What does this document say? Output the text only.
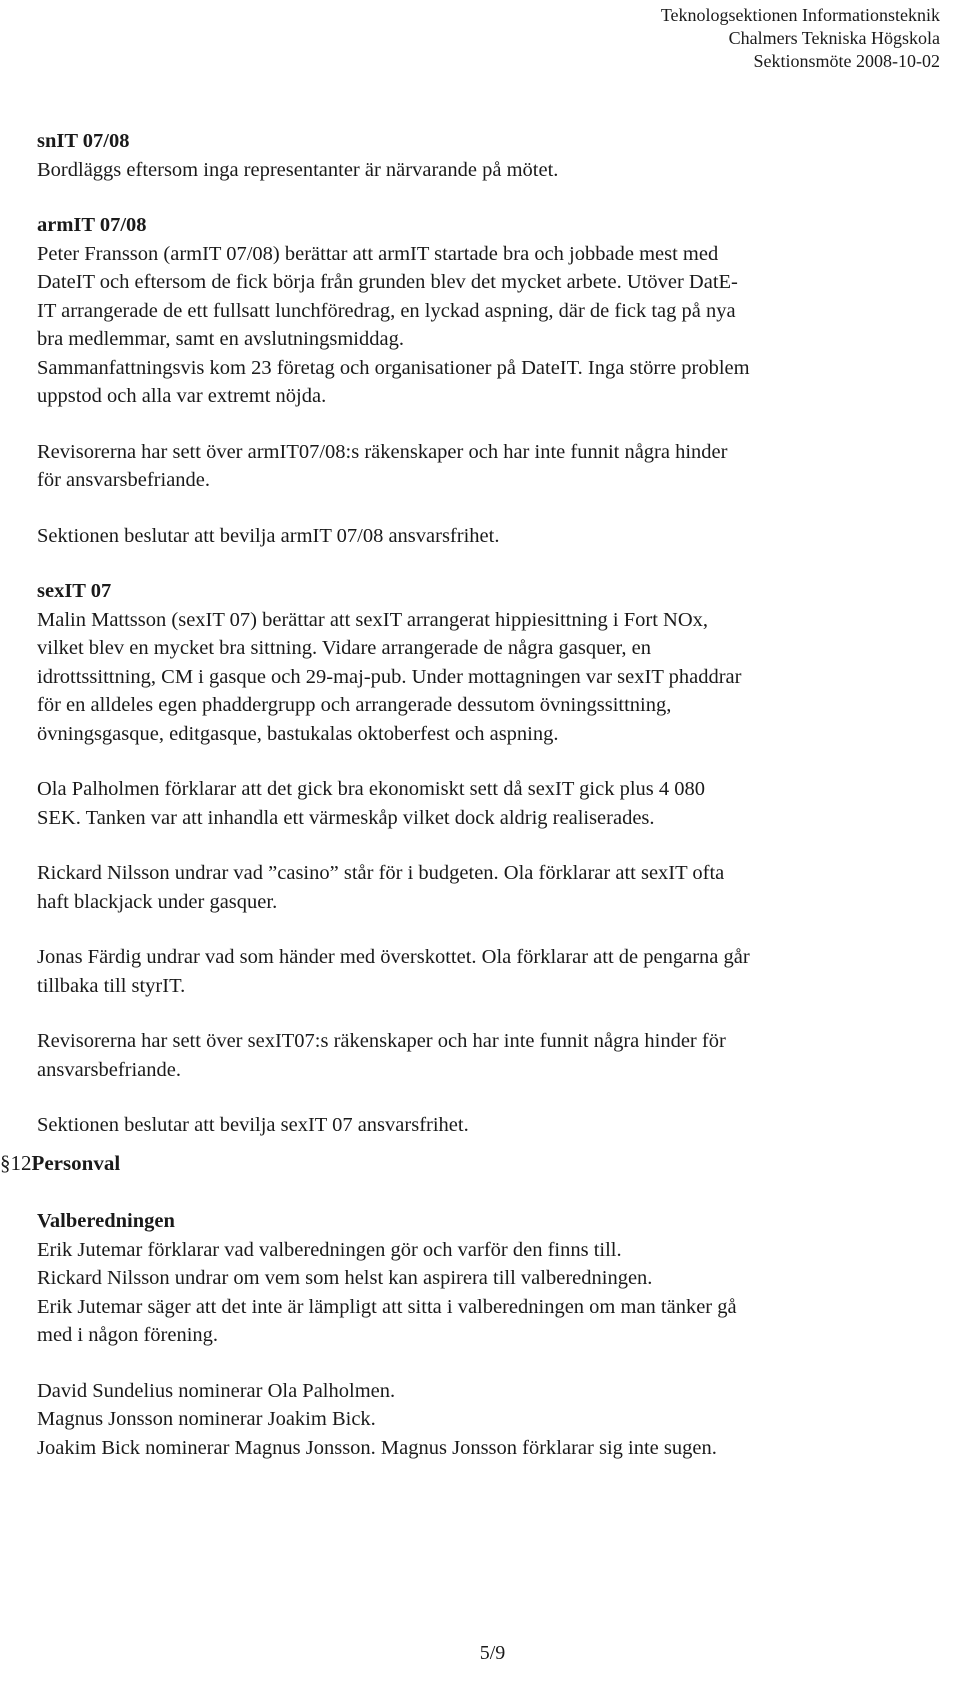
Teknologsektionen Informationsteknik
Chalmers Tekniska Högskola
Sektionsmöte 2008-10-02
snIT 07/08
Bordläggs eftersom inga representanter är närvarande på mötet.
armIT 07/08
Peter Fransson (armIT 07/08) berättar att armIT startade bra och jobbade mest med
DateIT och eftersom de fick börja från grunden blev det mycket arbete. Utöver DatE-
IT arrangerade de ett fullsatt lunchföredrag, en lyckad aspning, där de fick tag på nya
bra medlemmar, samt en avslutningsmiddag.
Sammanfattningsvis kom 23 företag och organisationer på DateIT. Inga större problem
uppstod och alla var extremt nöjda.
Revisorerna har sett över armIT07/08:s räkenskaper och har inte funnit några hinder
för ansvarsbefriande.
Sektionen beslutar att bevilja armIT 07/08 ansvarsfrihet.
sexIT 07
Malin Mattsson (sexIT 07) berättar att sexIT arrangerat hippiesittning i Fort NOx,
vilket blev en mycket bra sittning. Vidare arrangerade de några gasquer, en
idrottssittning, CM i gasque och 29-maj-pub. Under mottagningen var sexIT phaddrar
för en alldeles egen phaddergrupp och arrangerade dessutom övningssittning,
övningsgasque, editgasque, bastukalas oktoberfest och aspning.
Ola Palholmen förklarar att det gick bra ekonomiskt sett då sexIT gick plus 4 080
SEK. Tanken var att inhandla ett värmeskåp vilket dock aldrig realiserades.
Rickard Nilsson undrar vad ”casino” står för i budgeten. Ola förklarar att sexIT ofta
haft blackjack under gasquer.
Jonas Färdig undrar vad som händer med överskottet. Ola förklarar att de pengarna går
tillbaka till styrIT.
Revisorerna har sett över sexIT07:s räkenskaper och har inte funnit några hinder för
ansvarsbefriande.
Sektionen beslutar att bevilja sexIT 07 ansvarsfrihet.
§12Personval
Valberedningen
Erik Jutemar förklarar vad valberedningen gör och varför den finns till.
Rickard Nilsson undrar om vem som helst kan aspirera till valberedningen.
Erik Jutemar säger att det inte är lämpligt att sitta i valberedningen om man tänker gå
med i någon förening.
David Sundelius nominerar Ola Palholmen.
Magnus Jonsson nominerar Joakim Bick.
Joakim Bick nominerar Magnus Jonsson. Magnus Jonsson förklarar sig inte sugen.
5/9
